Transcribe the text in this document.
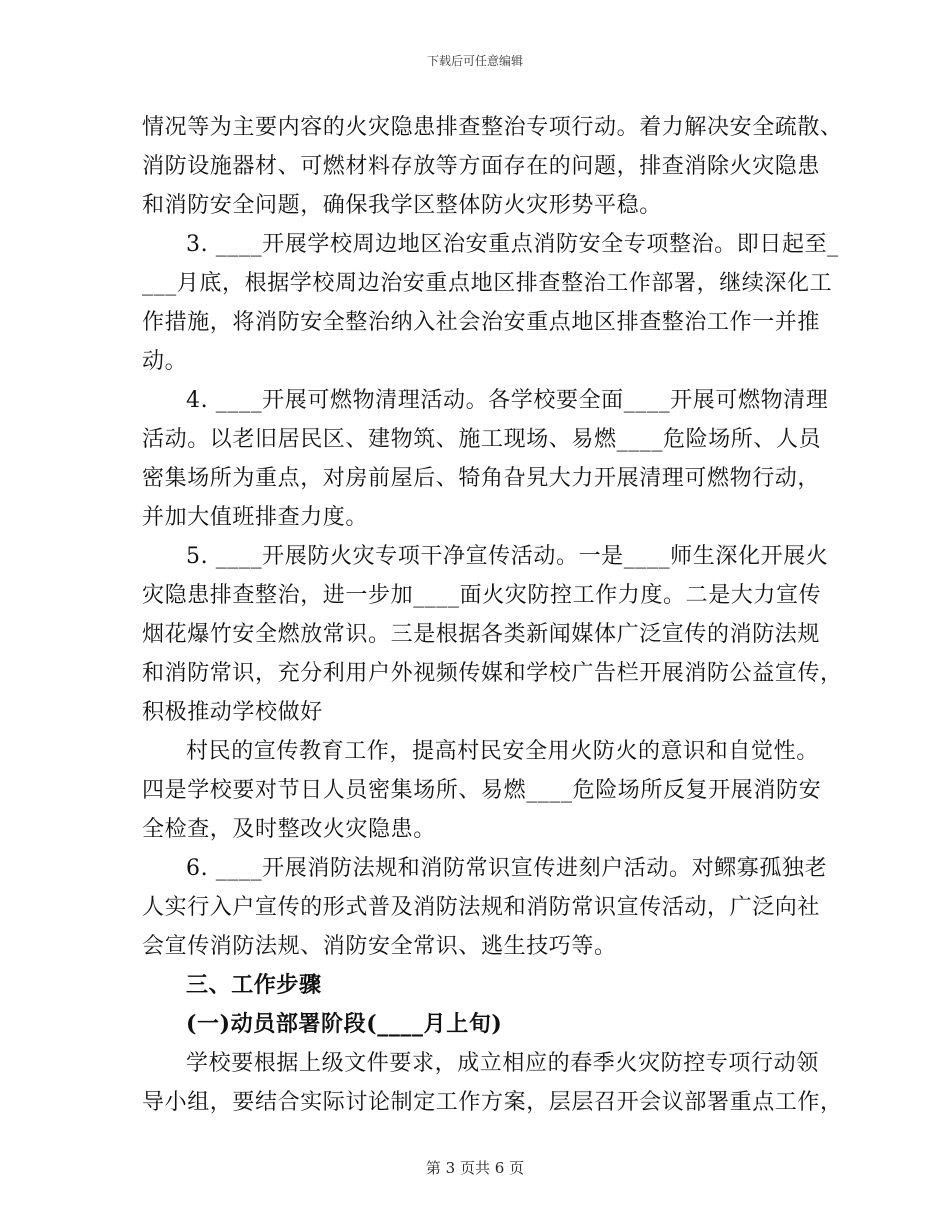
下载后可任意编辑
情况等为主要内容的火灾隐患排查整治专项行动。着力解决安全疏散、
消防设施器材、可燃材料存放等方面存在的问题，排查消除火灾隐患
和消防安全问题，确保我学区整体防火灾形势平稳。
3. ____开展学校周边地区治安重点消防安全专项整治。即日起至_
___月底，根据学校周边治安重点地区排查整治工作部署，继续深化工
作措施，将消防安全整治纳入社会治安重点地区排查整治工作一并推
动。
4. ____开展可燃物清理活动。各学校要全面____开展可燃物清理
活动。以老旧居民区、建物筑、施工现场、易燃____危险场所、人员
密集场所为重点，对房前屋后、犄角旮旯大力开展清理可燃物行动，
并加大值班排查力度。
5. ____开展防火灾专项干净宣传活动。一是____师生深化开展火
灾隐患排查整治，进一步加____面火灾防控工作力度。二是大力宣传
烟花爆竹安全燃放常识。三是根据各类新闻媒体广泛宣传的消防法规
和消防常识，充分利用户外视频传媒和学校广告栏开展消防公益宣传，
积极推动学校做好
村民的宣传教育工作，提高村民安全用火防火的意识和自觉性。
四是学校要对节日人员密集场所、易燃____危险场所反复开展消防安
全检查，及时整改火灾隐患。
6. ____开展消防法规和消防常识宣传进刻户活动。对鳏寡孤独老
人实行入户宣传的形式普及消防法规和消防常识宣传活动，广泛向社
会宣传消防法规、消防安全常识、逃生技巧等。
三、工作步骤
(一)动员部署阶段(____月上旬)
学校要根据上级文件要求，成立相应的春季火灾防控专项行动领
导小组，要结合实际讨论制定工作方案，层层召开会议部署重点工作，
第 3 页共 6 页
